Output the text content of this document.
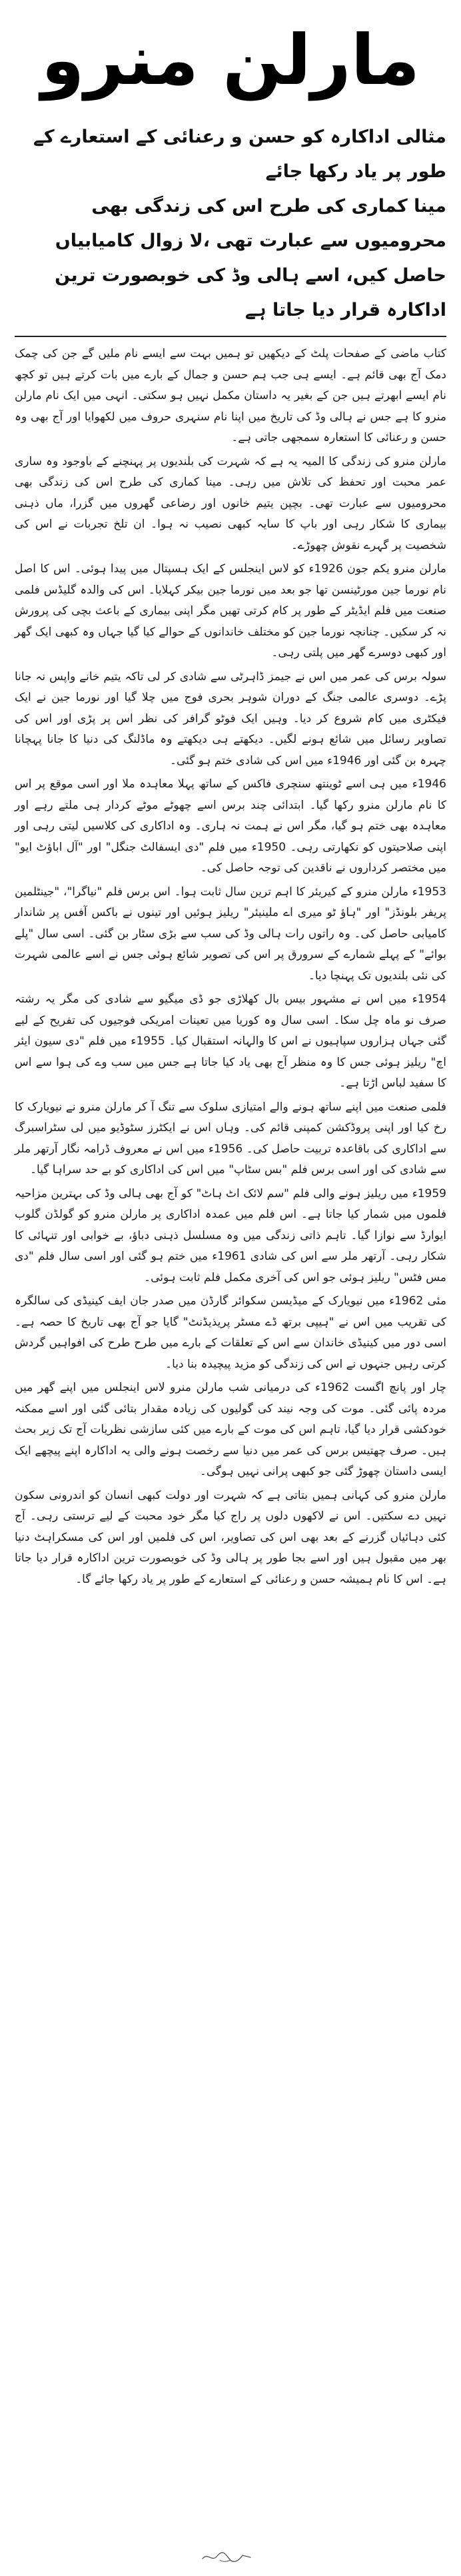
مارلن منرو

مثالی اداکارہ کو حسن و رعنائی کے استعارے کے طور پر یاد رکھا جائے

مینا کماری کی طرح اس کی زندگی بھی محرومیوں سے عبارت تھی ،لا زوال کامیابیاں

حاصل کیں، اسے ہالی وڈ کی خوبصورت ترین اداکارہ قرار دیا جاتا ہے

کتاب ماضی کے صفحات پلٹ کے دیکھیں تو ہمیں بہت سے ایسے نام ملیں گے جن کی چمک دمک آج بھی قائم ہے۔ ایسے ہی جب ہم حسن و جمال کے بارے میں بات کرتے ہیں تو کچھ نام ایسے ابھرتے ہیں جن کے بغیر یہ داستان مکمل نہیں ہو سکتی۔ انہی میں ایک نام مارلن منرو کا ہے جس نے ہالی وڈ کی تاریخ میں اپنا نام سنہری حروف میں لکھوایا اور آج بھی وہ حسن و رعنائی کا استعارہ سمجھی جاتی ہے۔

مارلن منرو کی زندگی کا المیہ یہ ہے کہ شہرت کی بلندیوں پر پہنچنے کے باوجود وہ ساری عمر محبت اور تحفظ کی تلاش میں رہی۔ مینا کماری کی طرح اس کی زندگی بھی محرومیوں سے عبارت تھی۔ بچپن یتیم خانوں اور رضاعی گھروں میں گزرا، ماں ذہنی بیماری کا شکار رہی اور باپ کا سایہ کبھی نصیب نہ ہوا۔ ان تلخ تجربات نے اس کی شخصیت پر گہرے نقوش چھوڑے۔

مارلن منرو یکم جون 1926ء کو لاس اینجلس کے ایک ہسپتال میں پیدا ہوئی۔ اس کا اصل نام نورما جین مورٹینسن تھا جو بعد میں نورما جین بیکر کہلایا۔ اس کی والدہ گلیڈس فلمی صنعت میں فلم ایڈیٹر کے طور پر کام کرتی تھیں مگر اپنی بیماری کے باعث بچی کی پرورش نہ کر سکیں۔ چنانچہ نورما جین کو مختلف خاندانوں کے حوالے کیا گیا جہاں وہ کبھی ایک گھر اور کبھی دوسرے گھر میں پلتی رہی۔

سولہ برس کی عمر میں اس نے جیمز ڈاہرٹی سے شادی کر لی تاکہ یتیم خانے واپس نہ جانا پڑے۔ دوسری عالمی جنگ کے دوران شوہر بحری فوج میں چلا گیا اور نورما جین نے ایک فیکٹری میں کام شروع کر دیا۔ وہیں ایک فوٹو گرافر کی نظر اس پر پڑی اور اس کی تصاویر رسائل میں شائع ہونے لگیں۔ دیکھتے ہی دیکھتے وہ ماڈلنگ کی دنیا کا جانا پہچانا چہرہ بن گئی اور 1946ء میں اس کی شادی ختم ہو گئی۔

1946ء میں ہی اسے ٹوینتھ سنچری فاکس کے ساتھ پہلا معاہدہ ملا اور اسی موقع پر اس کا نام مارلن منرو رکھا گیا۔ ابتدائی چند برس اسے چھوٹے موٹے کردار ہی ملتے رہے اور معاہدہ بھی ختم ہو گیا، مگر اس نے ہمت نہ ہاری۔ وہ اداکاری کی کلاسیں لیتی رہی اور اپنی صلاحیتوں کو نکھارتی رہی۔ 1950ء میں فلم "دی ایسفالٹ جنگل" اور "آل اباؤٹ ایو" میں مختصر کرداروں نے ناقدین کی توجہ حاصل کی۔

1953ء مارلن منرو کے کیریئر کا اہم ترین سال ثابت ہوا۔ اس برس فلم "نیاگرا"، "جینٹلمین پریفر بلونڈز" اور "ہاؤ ٹو میری اے ملینیئر" ریلیز ہوئیں اور تینوں نے باکس آفس پر شاندار کامیابی حاصل کی۔ وہ راتوں رات ہالی وڈ کی سب سے بڑی سٹار بن گئی۔ اسی سال "پلے بوائے" کے پہلے شمارے کے سرورق پر اس کی تصویر شائع ہوئی جس نے اسے عالمی شہرت کی نئی بلندیوں تک پہنچا دیا۔

1954ء میں اس نے مشہور بیس بال کھلاڑی جو ڈی میگیو سے شادی کی مگر یہ رشتہ صرف نو ماہ چل سکا۔ اسی سال وہ کوریا میں تعینات امریکی فوجیوں کی تفریح کے لیے گئی جہاں ہزاروں سپاہیوں نے اس کا والہانہ استقبال کیا۔ 1955ء میں فلم "دی سیون ایئر اچ" ریلیز ہوئی جس کا وہ منظر آج بھی یاد کیا جاتا ہے جس میں سب وے کی ہوا سے اس کا سفید لباس اڑتا ہے۔

فلمی صنعت میں اپنے ساتھ ہونے والے امتیازی سلوک سے تنگ آ کر مارلن منرو نے نیویارک کا رخ کیا اور اپنی پروڈکشن کمپنی قائم کی۔ وہاں اس نے ایکٹرز سٹوڈیو میں لی سٹراسبرگ سے اداکاری کی باقاعدہ تربیت حاصل کی۔ 1956ء میں اس نے معروف ڈرامہ نگار آرتھر ملر سے شادی کی اور اسی برس فلم "بس سٹاپ" میں اس کی اداکاری کو بے حد سراہا گیا۔

1959ء میں ریلیز ہونے والی فلم "سم لائک اٹ ہاٹ" کو آج بھی ہالی وڈ کی بہترین مزاحیہ فلموں میں شمار کیا جاتا ہے۔ اس فلم میں عمدہ اداکاری پر مارلن منرو کو گولڈن گلوب ایوارڈ سے نوازا گیا۔ تاہم ذاتی زندگی میں وہ مسلسل ذہنی دباؤ، بے خوابی اور تنہائی کا شکار رہی۔ آرتھر ملر سے اس کی شادی 1961ء میں ختم ہو گئی اور اسی سال فلم "دی مس فٹس" ریلیز ہوئی جو اس کی آخری مکمل فلم ثابت ہوئی۔

مئی 1962ء میں نیویارک کے میڈیسن سکوائر گارڈن میں صدر جان ایف کینیڈی کی سالگرہ کی تقریب میں اس نے "ہیپی برتھ ڈے مسٹر پریذیڈنٹ" گایا جو آج بھی تاریخ کا حصہ ہے۔ اسی دور میں کینیڈی خاندان سے اس کے تعلقات کے بارے میں طرح طرح کی افواہیں گردش کرتی رہیں جنہوں نے اس کی زندگی کو مزید پیچیدہ بنا دیا۔

چار اور پانچ اگست 1962ء کی درمیانی شب مارلن منرو لاس اینجلس میں اپنے گھر میں مردہ پائی گئی۔ موت کی وجہ نیند کی گولیوں کی زیادہ مقدار بتائی گئی اور اسے ممکنہ خودکشی قرار دیا گیا، تاہم اس کی موت کے بارے میں کئی سازشی نظریات آج تک زیر بحث ہیں۔ صرف چھتیس برس کی عمر میں دنیا سے رخصت ہونے والی یہ اداکارہ اپنے پیچھے ایک ایسی داستان چھوڑ گئی جو کبھی پرانی نہیں ہوگی۔

مارلن منرو کی کہانی ہمیں بتاتی ہے کہ شہرت اور دولت کبھی انسان کو اندرونی سکون نہیں دے سکتیں۔ اس نے لاکھوں دلوں پر راج کیا مگر خود محبت کے لیے ترستی رہی۔ آج کئی دہائیاں گزرنے کے بعد بھی اس کی تصاویر، اس کی فلمیں اور اس کی مسکراہٹ دنیا بھر میں مقبول ہیں اور اسے بجا طور پر ہالی وڈ کی خوبصورت ترین اداکارہ قرار دیا جاتا ہے۔ اس کا نام ہمیشہ حسن و رعنائی کے استعارے کے طور پر یاد رکھا جائے گا۔
